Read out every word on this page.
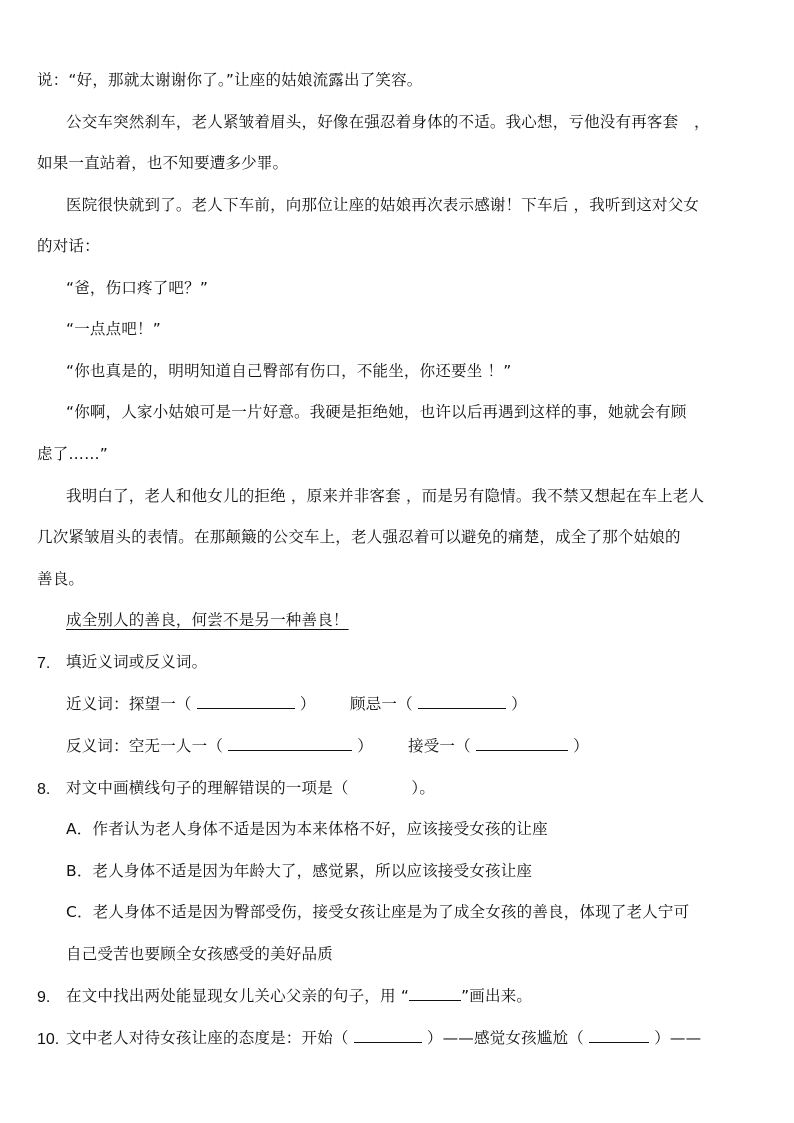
说：“好，那就太谢谢你了。”让座的姑娘流露出了笑容。
公交车突然刹车，老人紧皱着眉头，好像在强忍着身体的不适。我心想，亏他没有再客套　，
如果一直站着，也不知要遭多少罪。
医院很快就到了。老人下车前，向那位让座的姑娘再次表示感谢！下车后 ，我听到这对父女
的对话：
“爸，伤口疼了吧？”
“一点点吧！”
“你也真是的，明明知道自己臀部有伤口，不能坐，你还要坐 ！”
“你啊，人家小姑娘可是一片好意。我硬是拒绝她，也许以后再遇到这样的事，她就会有顾
虑了……”
我明白了，老人和他女儿的拒绝 ，原来并非客套 ，而是另有隐情。我不禁又想起在车上老人
几次紧皱眉头的表情。在那颠簸的公交车上，老人强忍着可以避免的痛楚，成全了那个姑娘的
善良。
成全别人的善良，何尝不是另一种善良！
7. 填近义词或反义词。
近义词：探望一（	） 顾忌一（	）
反义词：空无一人一（	） 接受一（	）
8. 对文中画横线句子的理解错误的一项是（　　　　）。
A．作者认为老人身体不适是因为本来体格不好，应该接受女孩的让座
B．老人身体不适是因为年龄大了，感觉累，所以应该接受女孩让座
C．老人身体不适是因为臀部受伤，接受女孩让座是为了成全女孩的善良，体现了老人宁可
自己受苦也要顾全女孩感受的美好品质
9. 在文中找出两处能显现女儿关心父亲的句子，用 “	”画出来。
10. 文中老人对待女孩让座的态度是：开始（	）——感觉女孩尴尬（	）——
